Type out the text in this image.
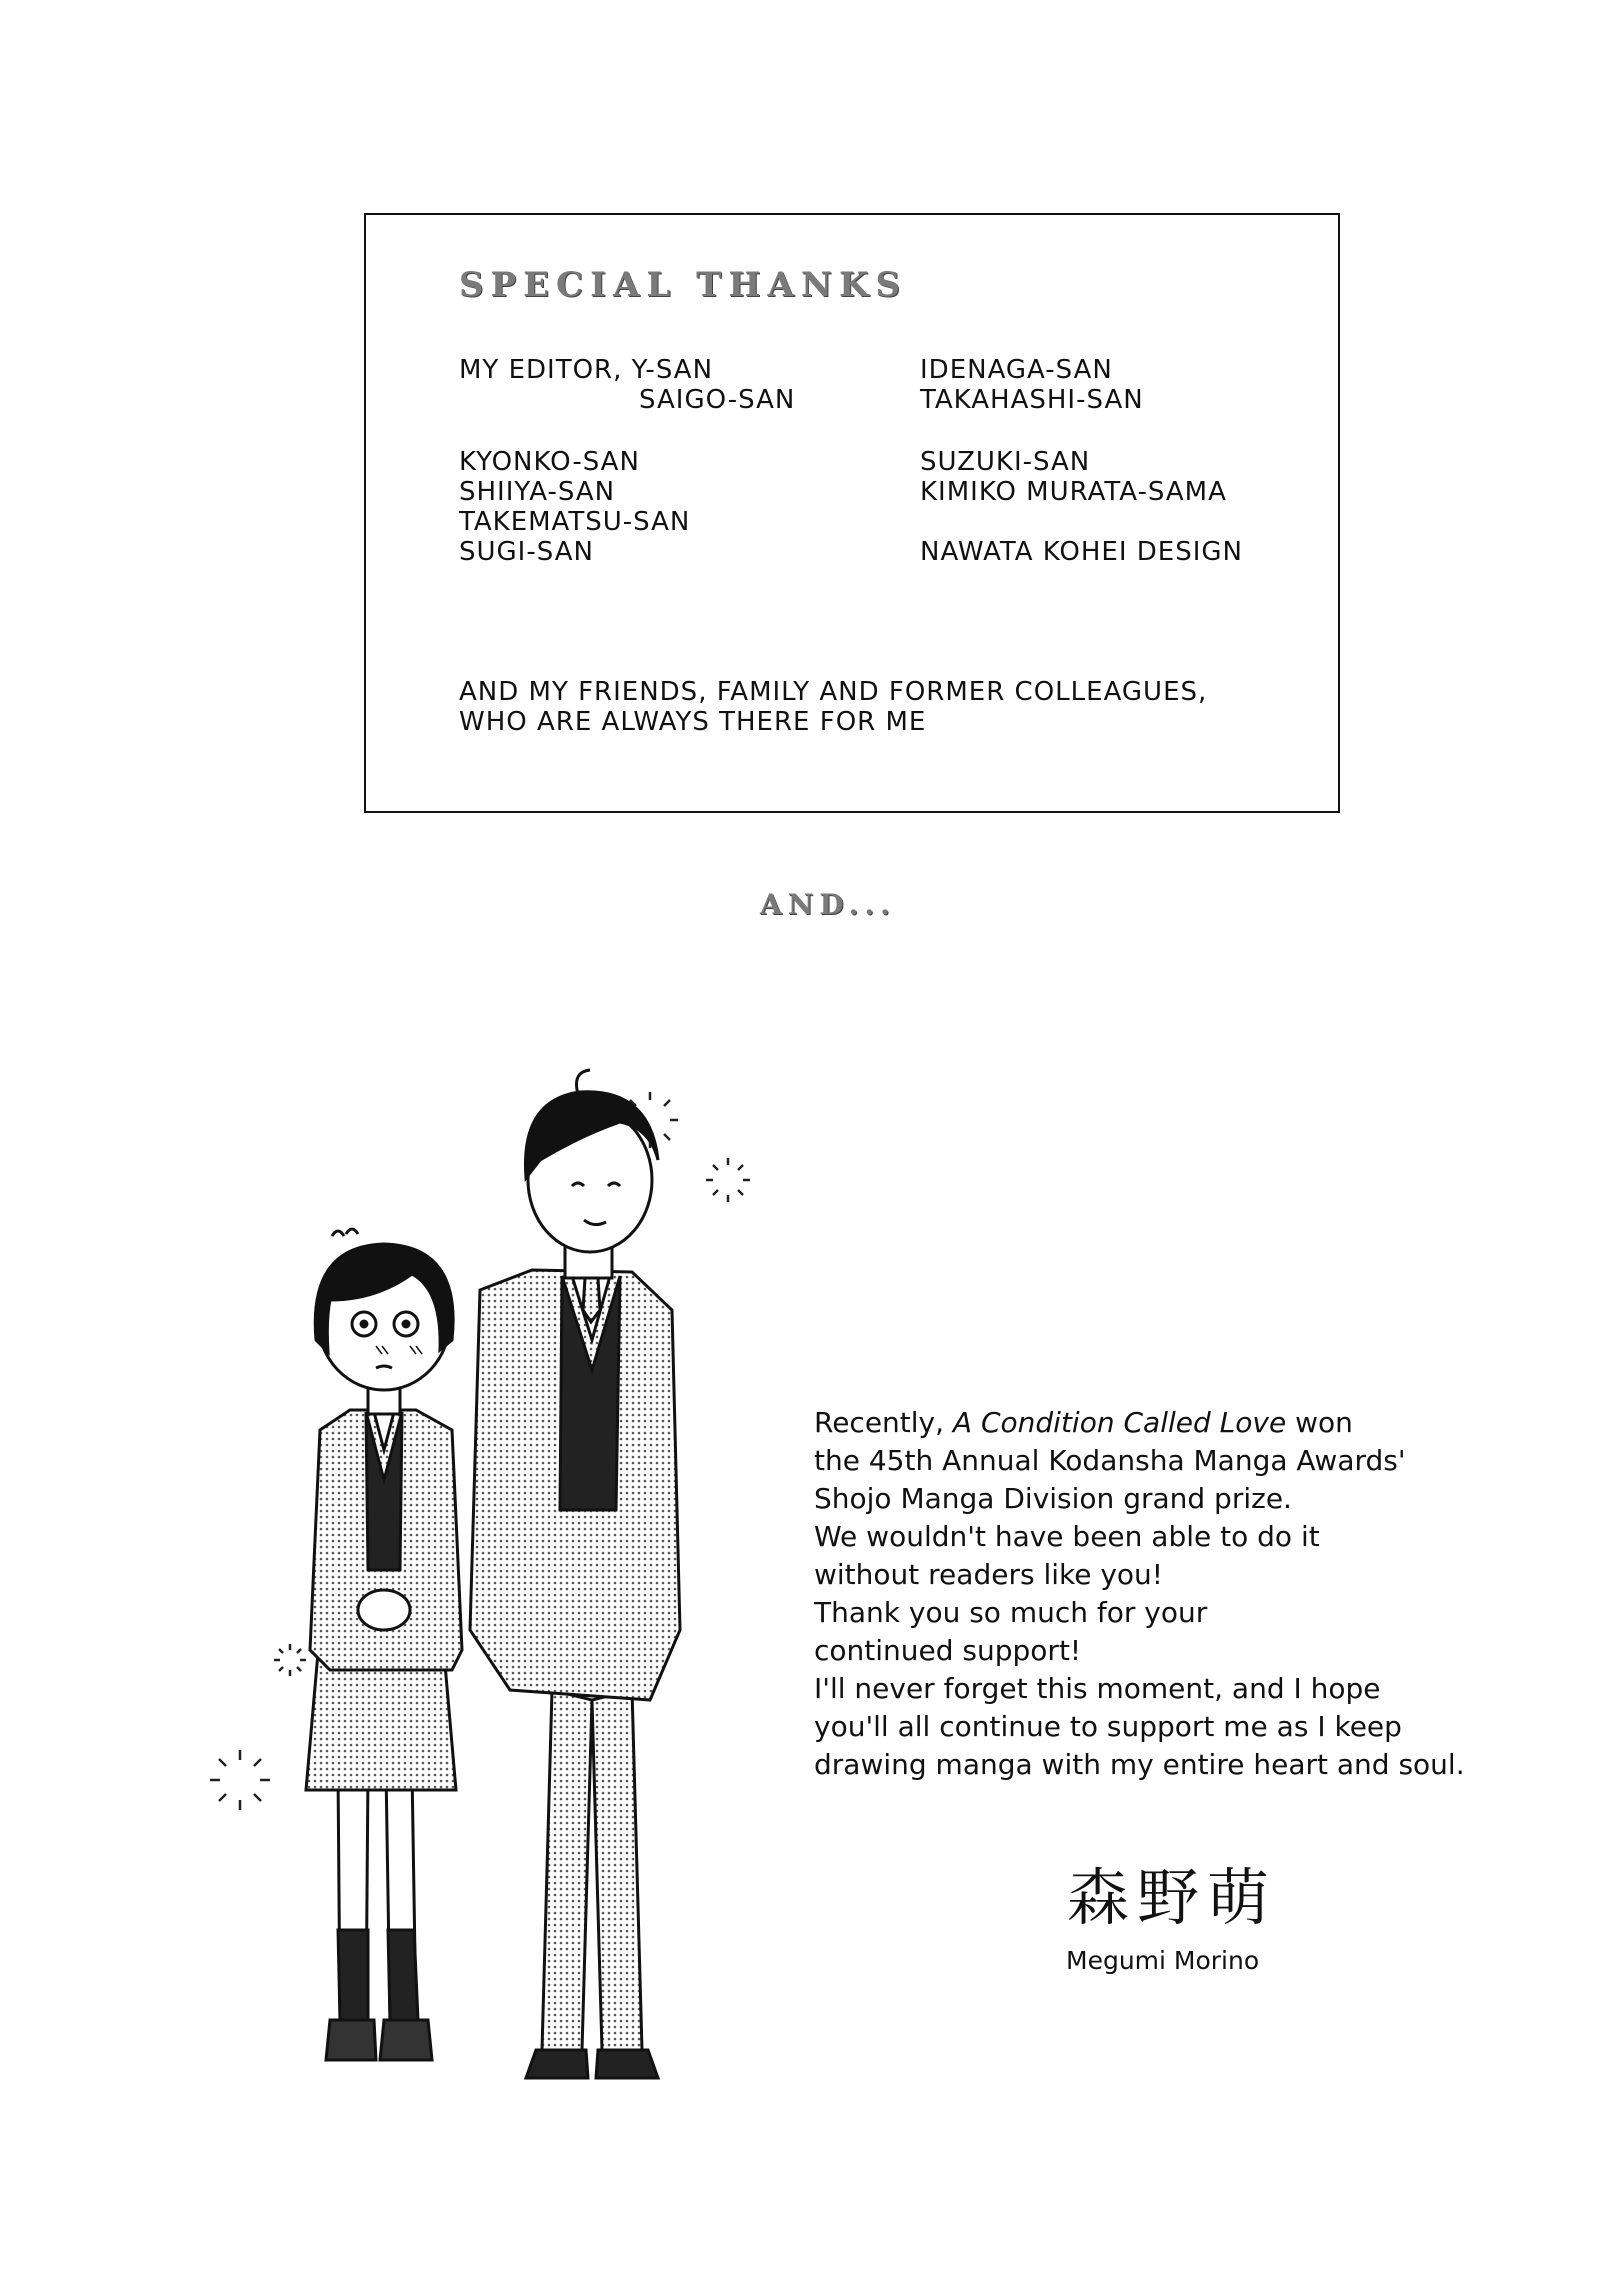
SPECIAL THANKS
MY EDITOR, Y-SAN
SAIGO-SAN
KYONKO-SAN
SHIIYA-SAN
TAKEMATSU-SAN
SUGI-SAN
IDENAGA-SAN
TAKAHASHI-SAN
SUZUKI-SAN
KIMIKO MURATA-SAMA
NAWATA KOHEI DESIGN
AND MY FRIENDS, FAMILY AND FORMER COLLEAGUES,
WHO ARE ALWAYS THERE FOR ME
AND...
Recently, A Condition Called Love won
the 45th Annual Kodansha Manga Awards'
Shojo Manga Division grand prize.
We wouldn't have been able to do it
without readers like you!
Thank you so much for your
continued support!
I'll never forget this moment, and I hope
you'll all continue to support me as I keep
drawing manga with my entire heart and soul.
森野萌
Megumi Morino
